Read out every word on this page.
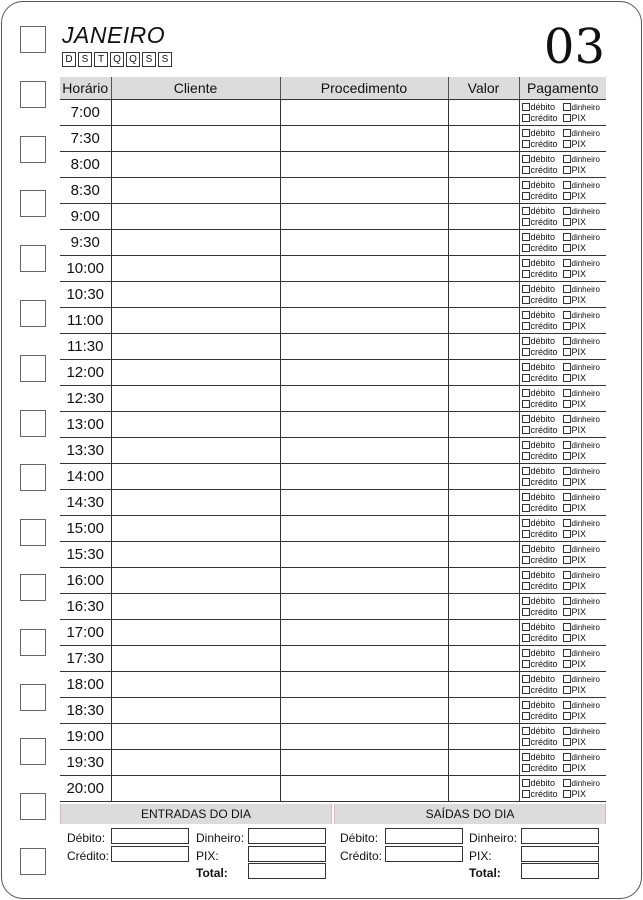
JANEIRO
D S T Q Q S S	03
Horário	Cliente	Procedimento	Valor	Pagamento
7:00				débito dinheiro
crédito PIX

7:30				débito dinheiro
crédito PIX

8:00				débito dinheiro
crédito PIX

8:30				débito dinheiro
crédito PIX

9:00				débito dinheiro
crédito PIX

9:30				débito dinheiro
crédito PIX

10:00				débito dinheiro
crédito PIX

10:30				débito dinheiro
crédito PIX

11:00				débito dinheiro
crédito PIX

11:30				débito dinheiro
crédito PIX

12:00				débito dinheiro
crédito PIX

12:30				débito dinheiro
crédito PIX

13:00				débito dinheiro
crédito PIX

13:30				débito dinheiro
crédito PIX

14:00				débito dinheiro
crédito PIX

14:30				débito dinheiro
crédito PIX

15:00				débito dinheiro
crédito PIX

15:30				débito dinheiro
crédito PIX

16:00				débito dinheiro
crédito PIX

16:30				débito dinheiro
crédito PIX

17:00				débito dinheiro
crédito PIX

17:30				débito dinheiro
crédito PIX

18:00				débito dinheiro
crédito PIX

18:30				débito dinheiro
crédito PIX

19:00				débito dinheiro
crédito PIX

19:30				débito dinheiro
crédito PIX

20:00				débito dinheiro
crédito PIX
ENTRADAS DO DIA
Débito:
Crédito:
Dinheiro:
PIX:
Total:
SAÍDAS DO DIA
Débito:
Crédito:
Dinheiro:
PIX:
Total:
